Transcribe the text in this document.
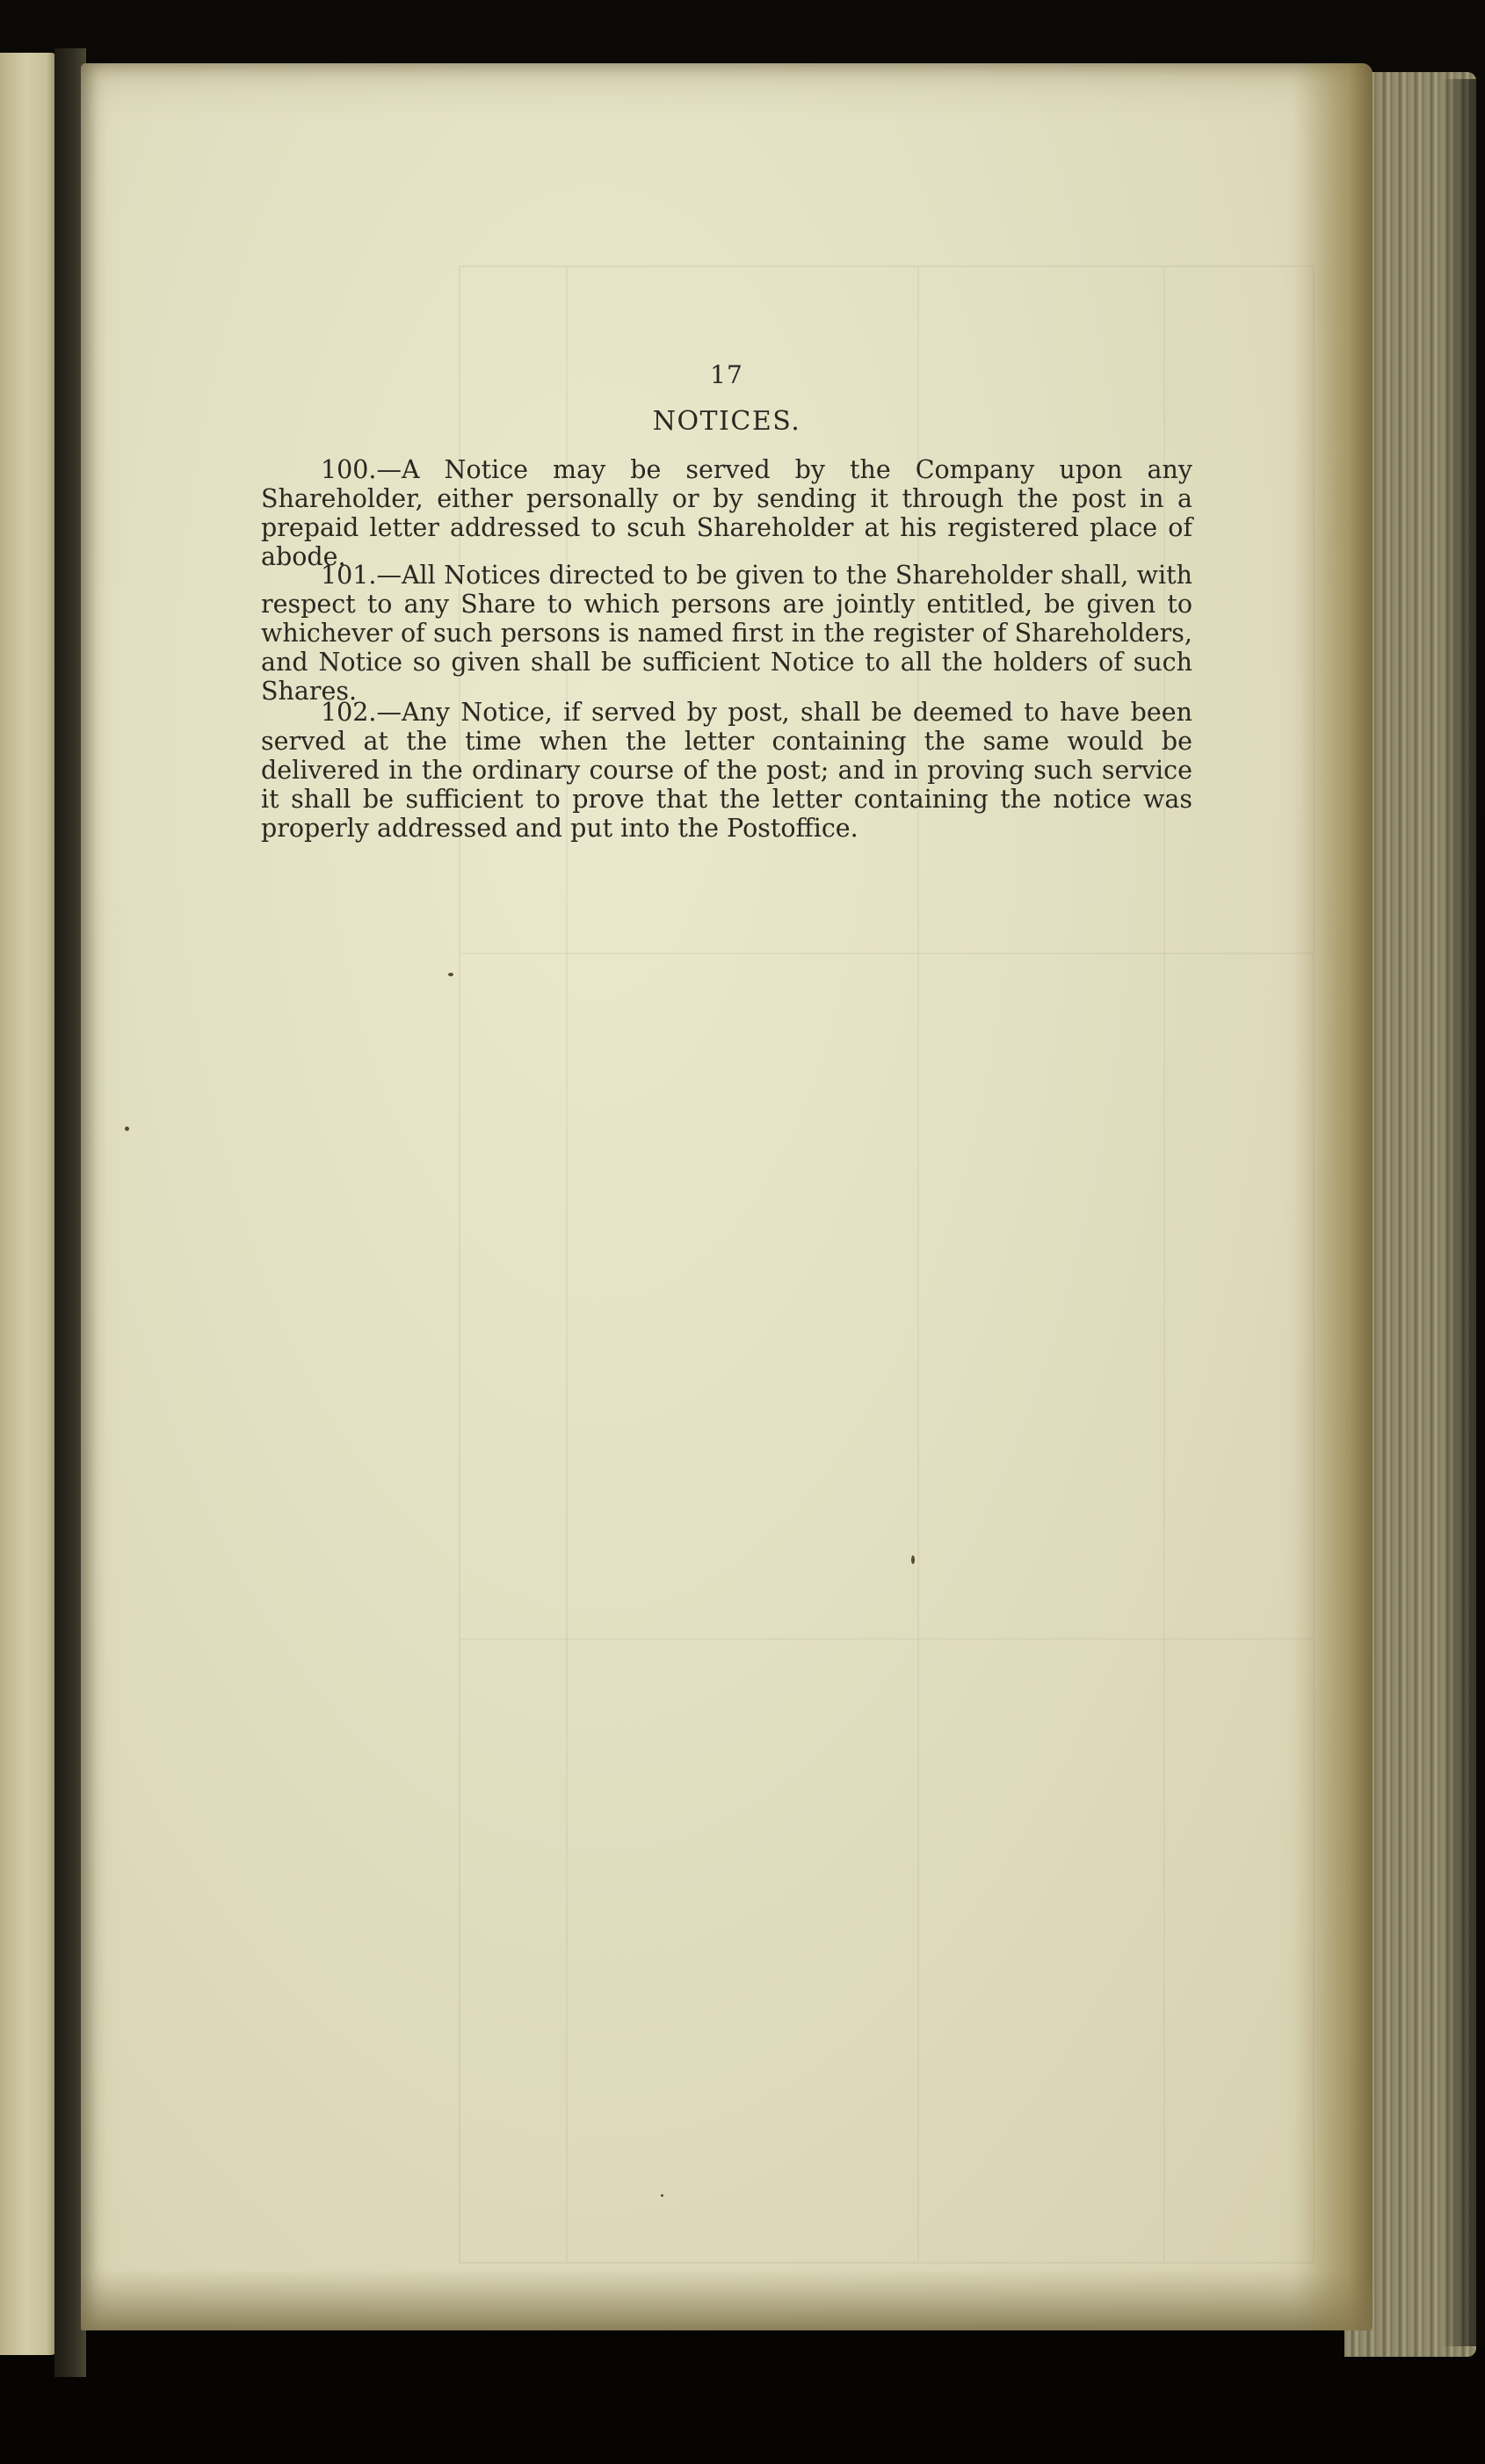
17
NOTICES.

100.—A Notice may be served by the Company upon any Shareholder, either personally or by sending it through the post in a prepaid letter addressed to scuh Shareholder at his registered place of abode.

101.—All Notices directed to be given to the Shareholder shall, with respect to any Share to which persons are jointly entitled, be given to whichever of such persons is named first in the register of Shareholders, and Notice so given shall be sufficient Notice to all the holders of such Shares.

102.—Any Notice, if served by post, shall be deemed to have been served at the time when the letter containing the same would be delivered in the ordinary course of the post; and in proving such service it shall be sufficient to prove that the letter containing the notice was properly addressed and put into the Postoffice.
